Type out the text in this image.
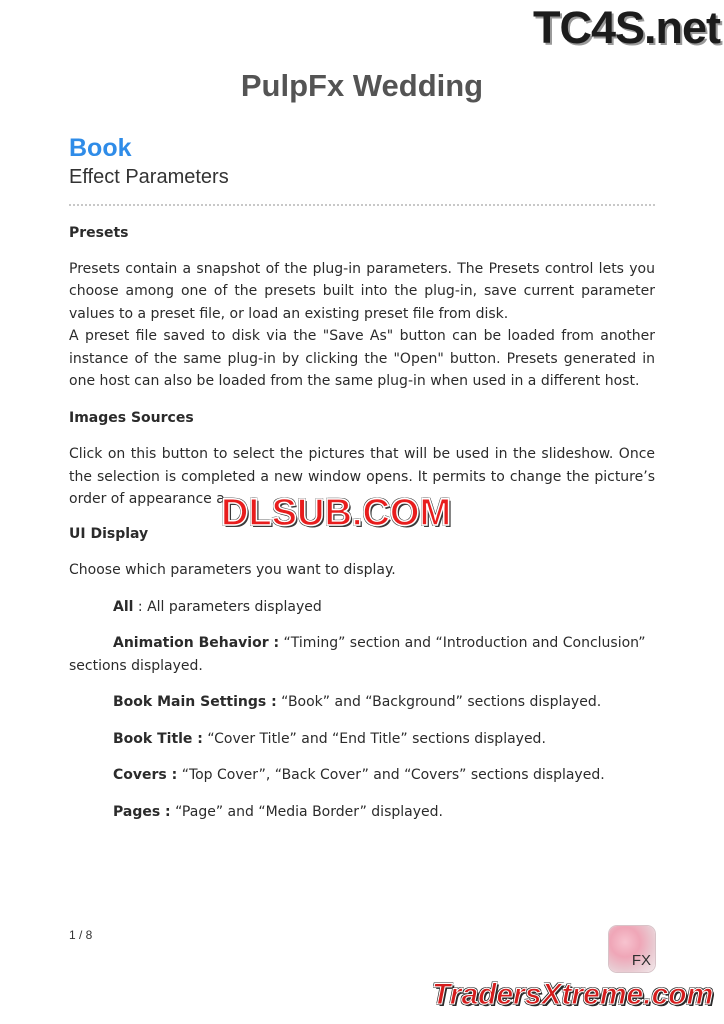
TC4S.net
PulpFx Wedding
Book
Effect Parameters
Presets

Presets contain a snapshot of the plug-in parameters. The Presets control lets you choose among one of the presets built into the plug-in, save current parameter values to a preset file, or load an existing preset file from disk.

A preset file saved to disk via the "Save As" button can be loaded from another instance of the same plug-in by clicking the "Open" button. Presets generated in one host can also be loaded from the same plug-in when used in a different host.

Images Sources

Click on this button to select the pictures that will be used in the slideshow. Once the selection is completed a new window opens. It permits to change the picture’s order of appearance a

UI Display

Choose which parameters you want to display.

All : All parameters displayed

Animation Behavior : “Timing” section and “Introduction and Conclusion” sections displayed.

Book Main Settings : “Book” and “Background” sections displayed.

Book Title : “Cover Title” and “End Title” sections displayed.

Covers : “Top Cover”, “Back Cover” and “Covers” sections displayed.

Pages : “Page” and “Media Border” displayed.

DLSUB.COM
1 / 8
FX
TradersXtreme.com
